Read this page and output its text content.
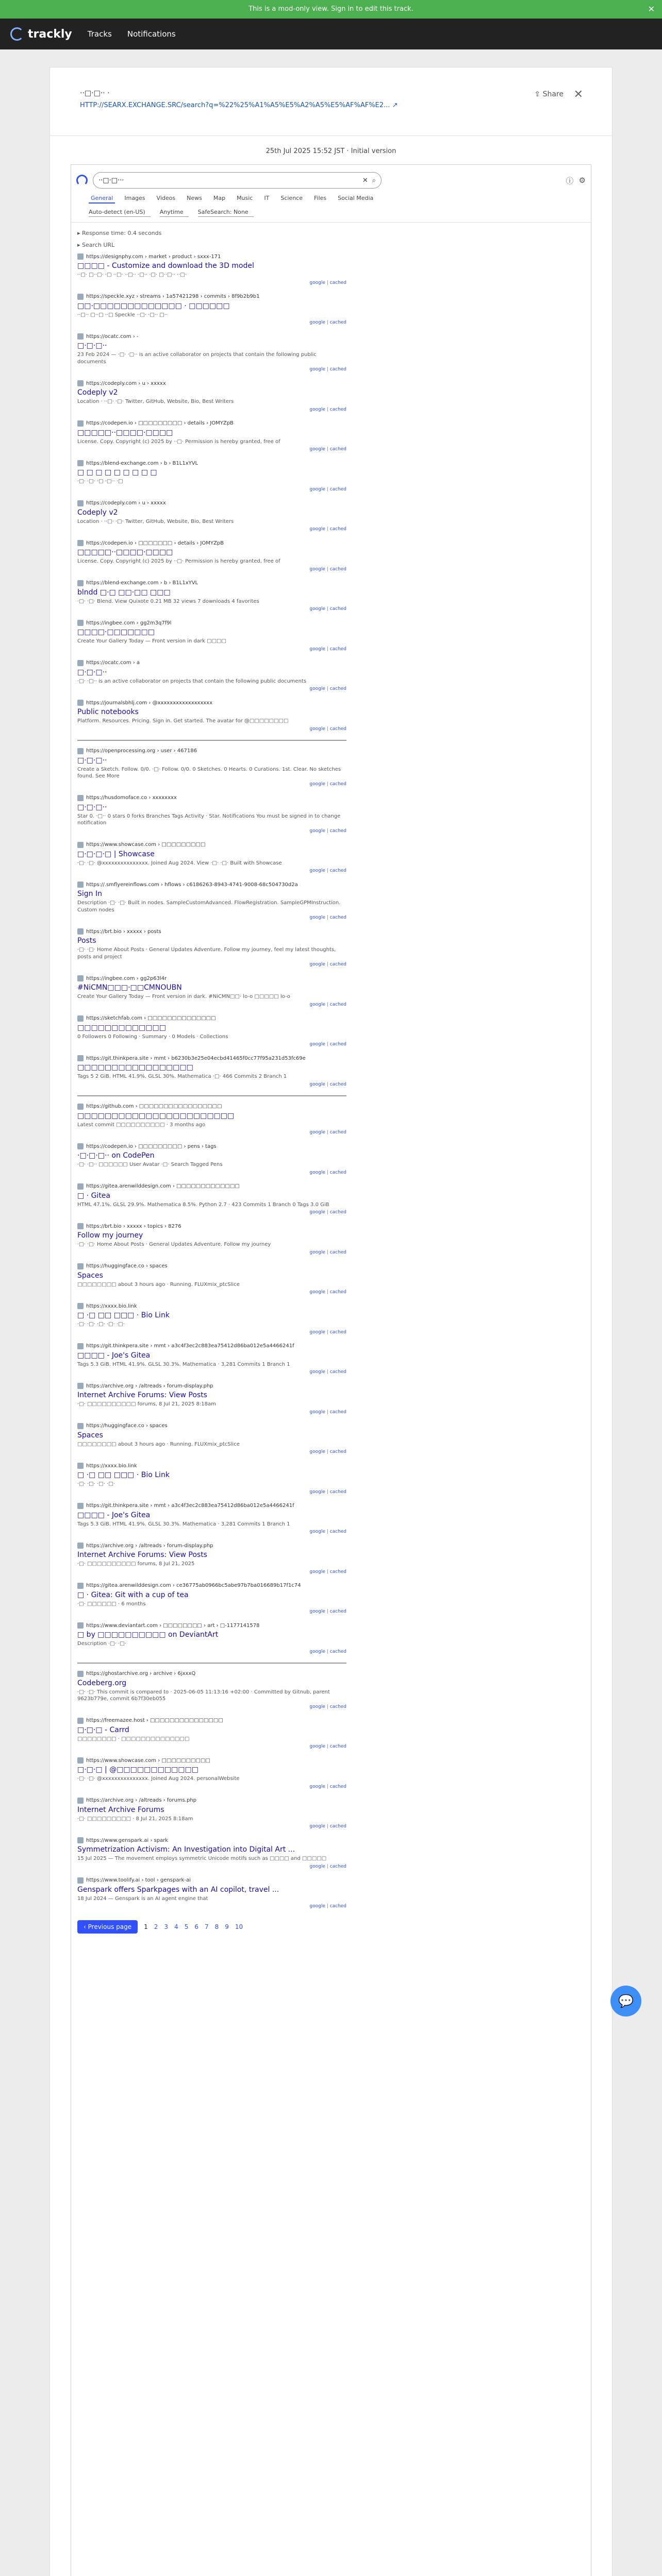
This is a mod-only view. Sign in to edit this track.	✕
trackly Tracks Notifications
··□·□·· ·
HTTP://SEARX.EXCHANGE.SRC/search?q=%22%25%A1%A5%E5%A2%A5%E5%AF%AF%E2... ↗
⇪ Share ✕
25th Jul 2025 15:52 JST · Initial version
··□·□···	✕ ⌕	ⓘ ⚙
General	Images	Videos	News	Map	Music	IT	Science	Files	Social Media
Auto-detect (en-US)	Anytime	SafeSearch: None
▸ Response time: 0.4 seconds
▸ Search URL
https://designphy.com › market › product › sxxx-171
□□□□ - Customize and download the 3D model
··□· □··□· ·□ ··□· ··□·· ·□·· ·□· □··□·· ··□·
google | cached
https://speckle.xyz › streams › 1a57421298 › commits › 8f9b2b9b1
□□·□□□□□□□□□□□□□ · □□□□□□
··□·· □··□ ··□ Speckle ··□· ·□·· □··
google | cached
https://ocatc.com › -
□·□·□··
23 Feb 2024 — ·□· ·□·· is an active collaborator on projects that contain the following public documents
google | cached
https://codeply.com › u › xxxxx
Codeply v2
Location · ··□· ·□· Twitter, GitHub, Website, Bio, Best Writers
google | cached
https://codepen.io › □□□□□□□□□ › details › JOMYZpB
□□□□□··□□□□·□□□□
License. Copy. Copyright (c) 2025 by ··□· Permission is hereby granted, free of
google | cached
https://blend-exchange.com › b › B1L1xYVL
□ □ □ □ □ □ □ □ □
·□· ·□· ·□ ·□·· ·□
google | cached
https://codeply.com › u › xxxxx
Codeply v2
Location · ··□· ·□· Twitter, GitHub, Website, Bio, Best Writers
google | cached
https://codepen.io › □□□□□□□ › details › JOMYZpB
□□□□□··□□□□·□□□□
License. Copy. Copyright (c) 2025 by ··□· Permission is hereby granted, free of
google | cached
https://blend-exchange.com › b › B1L1xYVL
blndd □·□ □□·□□ □□□
·□· ·□· Blend. View Quixote 0.21 MB 32 views 7 downloads 4 favorites
google | cached
https://ingbee.com › gg2m3q7f9l
□□□□·□□□□□□□
Create Your Gallery Today — Front version in dark □□□□
google | cached
https://ocatc.com › a
□·□·□··
·□· ·□·· is an active collaborator on projects that contain the following public documents
google | cached
https://journalsbhlj.com › @xxxxxxxxxxxxxxxxxx
Public notebooks
Platform. Resources. Pricing. Sign in. Get started. The avatar for @□□□□□□□□
google | cached
https://openprocessing.org › user › 467186
□·□·□··
Create a Sketch. Follow. 0/0. ·□· Follow. 0/0. 0 Sketches. 0 Hearts. 0 Curations. 1st. Clear. No sketches found. See More
google | cached
https://husdomoface.co › xxxxxxxx
□·□·□··
Star 0. ·□·· 0 stars 0 forks Branches Tags Activity · Star. Notifications You must be signed in to change notification
google | cached
https://www.showcase.com › □□□□□□□□□
□·□·□·□ | Showcase
·□· ·□· @xxxxxxxxxxxxxxx. Joined Aug 2024. View ·□· ·□· Built with Showcase
google | cached
https://.smflyereinflows.com › hflows › c6186263-8943-4741-9008-68c504730d2a
Sign In
Description ·□· ·□· Built in nodes. SampleCustomAdvanced. FlowRegistration. SampleGPMInstruction. Custom nodes
google | cached
https://brt.bio › xxxxx › posts
Posts
·□· ·□· Home About Posts · General Updates Adventure. Follow my journey, feel my latest thoughts, posts and project
google | cached
https://ingbee.com › gg2p63l4r
#NiCMN□□□·□□CMNOUBN
Create Your Gallery Today — Front version in dark. #NiCMN□□· lo-o □□□□□ lo-o
google | cached
https://sketchfab.com › □□□□□□□□□□□□□□
□□□□□□□□□□□□□
0 Followers 0 Following · Summary · 0 Models · Collections
google | cached
https://git.thinkpera.site › mmt › b6230b3e25e04ecbd41465f0cc77f95a231d53fc69e
□□□□□□□□□□□□□□□□□
Tags 5 2 GiB. HTML 41.9%. GLSL 30%. Mathematica ·□· 466 Commits 2 Branch 1
google | cached
https://github.com › □□□□□□□□□□□□□□□□□
□□□□□□□□□□□□□□□□□□□□□□□
Latest commit □□□□□□□□□□ · 3 months ago
google | cached
https://codepen.io › □□□□□□□□□ › pens › tags
·□·□·□·· on CodePen
·□· ·□·· □□□□□□ User Avatar ·□· Search Tagged Pens
google | cached
https://gitea.arenwilddesign.com › □□□□□□□□□□□□□
□ · Gitea
HTML 47.1%. GLSL 29.9%. Mathematica 8.5%. Python 2.7 · 423 Commits 1 Branch 0 Tags 3.0 GiB
google | cached
https://brt.bio › xxxxx › topics › 8276
Follow my journey
·□· ·□· Home About Posts · General Updates Adventure. Follow my journey
google | cached
https://huggingface.co › spaces
Spaces
□□□□□□□□ about 3 hours ago · Running. FLUXmix_ptcSlice
google | cached
https://xxxx.bio.link
□ ·□ □□ □□□ · Bio Link
·□· ·□· ·□· ·□· ·□·
google | cached
https://git.thinkpera.site › mmt › a3c4f3ec2c883ea75412d86ba012e5a4466241f
□□□□ - Joe's Gitea
Tags 5.3 GiB. HTML 41.9%. GLSL 30.3%. Mathematica · 3,281 Commits 1 Branch 1
google | cached
https://archive.org › /altreads › forum-display.php
Internet Archive Forums: View Posts
·□· □□□□□□□□□□ forums, 8 Jul 21, 2025 8:18am
google | cached
https://huggingface.co › spaces
Spaces
□□□□□□□□ about 3 hours ago · Running. FLUXmix_ptcSlice
google | cached
https://xxxx.bio.link
□ ·□ □□ □□□ · Bio Link
·□· ·□· ·□· ·□·
google | cached
https://git.thinkpera.site › mmt › a3c4f3ec2c883ea75412d86ba012e5a4466241f
□□□□ - Joe's Gitea
Tags 5.3 GiB. HTML 41.9%. GLSL 30.3%. Mathematica · 3,281 Commits 1 Branch 1
google | cached
https://archive.org › /altreads › forum-display.php
Internet Archive Forums: View Posts
·□· □□□□□□□□□□ forums, 8 Jul 21, 2025
google | cached
https://gitea.arenwilddesign.com › ce36775ab0966bc5abe97b7ba016689b17f1c74
□ · Gitea: Git with a cup of tea
·□· □□□□□□ · 6 months
google | cached
https://www.deviantart.com › □□□□□□□□ › art › □-1177141578
□ by □□□□□□□□□□ on DeviantArt
Description ·□· ·□·
google | cached
https://ghostarchive.org › archive › 6jxxxQ
Codeberg.org
·□· ·□· This commit is compared to · 2025-06-05 11:13:16 +02:00 · Committed by Gitnub, parent 9623b779e, commit 6b7f30eb055
google | cached
https://freemazee.host › □□□□□□□□□□□□□□□
□·□·□ - Carrd
□□□□□□□□ · □□□□□□□□□□□□□□
google | cached
https://www.showcase.com › □□□□□□□□□□
□·□·□ | @□□□□□□□□□□□□
·□· ·□· @xxxxxxxxxxxxxxx. Joined Aug 2024. personalWebsite
google | cached
https://archive.org › /altreads › forums.php
Internet Archive Forums
·□· □□□□□□□□□ · 8 Jul 21, 2025 8:18am
google | cached
https://www.genspark.ai › spark
Symmetrization Activism: An Investigation into Digital Art ...
15 Jul 2025 — The movement employs symmetric Unicode motifs such as □□□□ and □□□□□
google | cached
https://www.toolify.ai › tool › genspark-ai
Genspark offers Sparkpages with an AI copilot, travel ...
18 Jul 2024 — Genspark is an AI agent engine that
google | cached
‹ Previous page	1 2 3 4 5 6 7 8 9 10
💬
